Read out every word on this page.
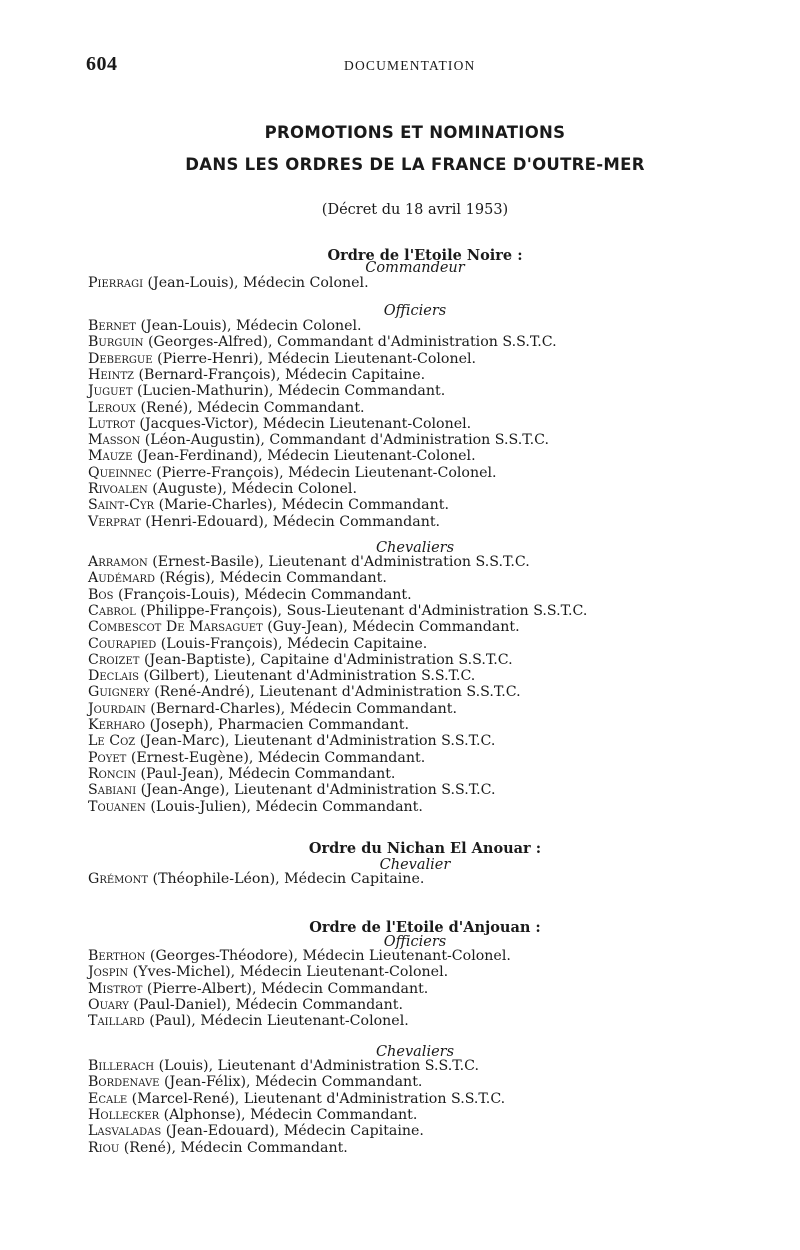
604	DOCUMENTATION
PROMOTIONS ET NOMINATIONS
DANS LES ORDRES DE LA FRANCE D'OUTRE-MER
(Décret du 18 avril 1953)
Ordre de l'Etoile Noire :
Commandeur
Pierragi (Jean-Louis), Médecin Colonel.
Officiers
Bernet (Jean-Louis), Médecin Colonel.
Burguin (Georges-Alfred), Commandant d'Administration S.S.T.C.
Debergue (Pierre-Henri), Médecin Lieutenant-Colonel.
Heintz (Bernard-François), Médecin Capitaine.
Juguet (Lucien-Mathurin), Médecin Commandant.
Leroux (René), Médecin Commandant.
Lutrot (Jacques-Victor), Médecin Lieutenant-Colonel.
Masson (Léon-Augustin), Commandant d'Administration S.S.T.C.
Mauze (Jean-Ferdinand), Médecin Lieutenant-Colonel.
Queinnec (Pierre-François), Médecin Lieutenant-Colonel.
Rivoalen (Auguste), Médecin Colonel.
Saint-Cyr (Marie-Charles), Médecin Commandant.
Verprat (Henri-Edouard), Médecin Commandant.
Chevaliers
Arramon (Ernest-Basile), Lieutenant d'Administration S.S.T.C.
Audémard (Régis), Médecin Commandant.
Bos (François-Louis), Médecin Commandant.
Cabrol (Philippe-François), Sous-Lieutenant d'Administration S.S.T.C.
Combescot De Marsaguet (Guy-Jean), Médecin Commandant.
Courapied (Louis-François), Médecin Capitaine.
Croizet (Jean-Baptiste), Capitaine d'Administration S.S.T.C.
Declais (Gilbert), Lieutenant d'Administration S.S.T.C.
Guignery (René-André), Lieutenant d'Administration S.S.T.C.
Jourdain (Bernard-Charles), Médecin Commandant.
Kerharo (Joseph), Pharmacien Commandant.
Le Coz (Jean-Marc), Lieutenant d'Administration S.S.T.C.
Poyet (Ernest-Eugène), Médecin Commandant.
Roncin (Paul-Jean), Médecin Commandant.
Sabiani (Jean-Ange), Lieutenant d'Administration S.S.T.C.
Touanen (Louis-Julien), Médecin Commandant.
Ordre du Nichan El Anouar :
Chevalier
Grémont (Théophile-Léon), Médecin Capitaine.
Ordre de l'Etoile d'Anjouan :
Officiers
Berthon (Georges-Théodore), Médecin Lieutenant-Colonel.
Jospin (Yves-Michel), Médecin Lieutenant-Colonel.
Mistrot (Pierre-Albert), Médecin Commandant.
Ouary (Paul-Daniel), Médecin Commandant.
Taillard (Paul), Médecin Lieutenant-Colonel.
Chevaliers
Billerach (Louis), Lieutenant d'Administration S.S.T.C.
Bordenave (Jean-Félix), Médecin Commandant.
Ecale (Marcel-René), Lieutenant d'Administration S.S.T.C.
Hollecker (Alphonse), Médecin Commandant.
Lasvaladas (Jean-Edouard), Médecin Capitaine.
Riou (René), Médecin Commandant.
